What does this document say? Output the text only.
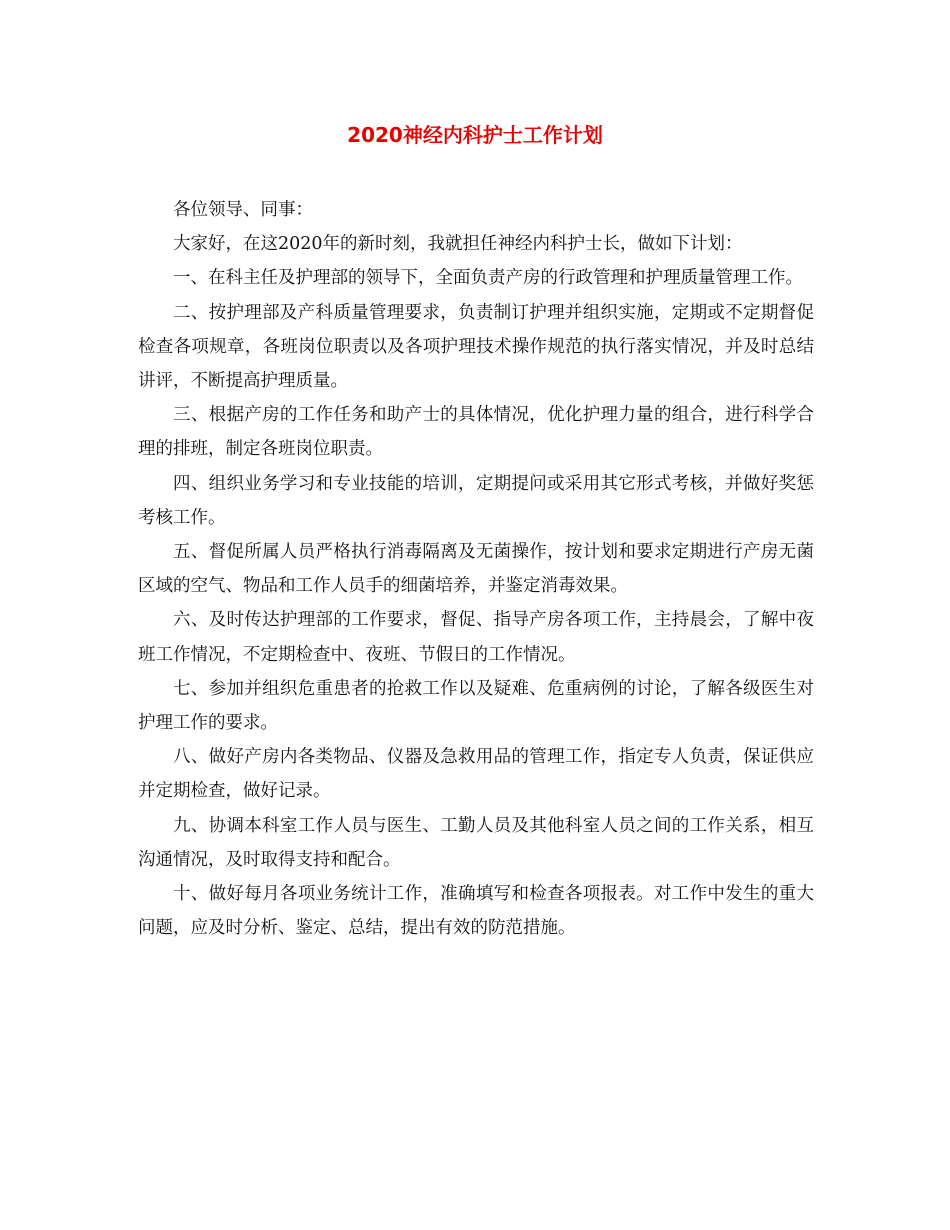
2020神经内科护士工作计划

各位领导、同事：

大家好，在这2020年的新时刻，我就担任神经内科护士长，做如下计划：

一、在科主任及护理部的领导下，全面负责产房的行政管理和护理质量管理工作。

二、按护理部及产科质量管理要求，负责制订护理并组织实施，定期或不定期督促检查各项规章，各班岗位职责以及各项护理技术操作规范的执行落实情况，并及时总结讲评，不断提高护理质量。

三、根据产房的工作任务和助产士的具体情况，优化护理力量的组合，进行科学合理的排班，制定各班岗位职责。

四、组织业务学习和专业技能的培训，定期提问或采用其它形式考核，并做好奖惩考核工作。

五、督促所属人员严格执行消毒隔离及无菌操作，按计划和要求定期进行产房无菌区域的空气、物品和工作人员手的细菌培养，并鉴定消毒效果。

六、及时传达护理部的工作要求，督促、指导产房各项工作，主持晨会，了解中夜班工作情况，不定期检查中、夜班、节假日的工作情况。

七、参加并组织危重患者的抢救工作以及疑难、危重病例的讨论，了解各级医生对护理工作的要求。

八、做好产房内各类物品、仪器及急救用品的管理工作，指定专人负责，保证供应并定期检查，做好记录。

九、协调本科室工作人员与医生、工勤人员及其他科室人员之间的工作关系，相互沟通情况，及时取得支持和配合。

十、做好每月各项业务统计工作，准确填写和检查各项报表。对工作中发生的重大问题，应及时分析、鉴定、总结，提出有效的防范措施。
